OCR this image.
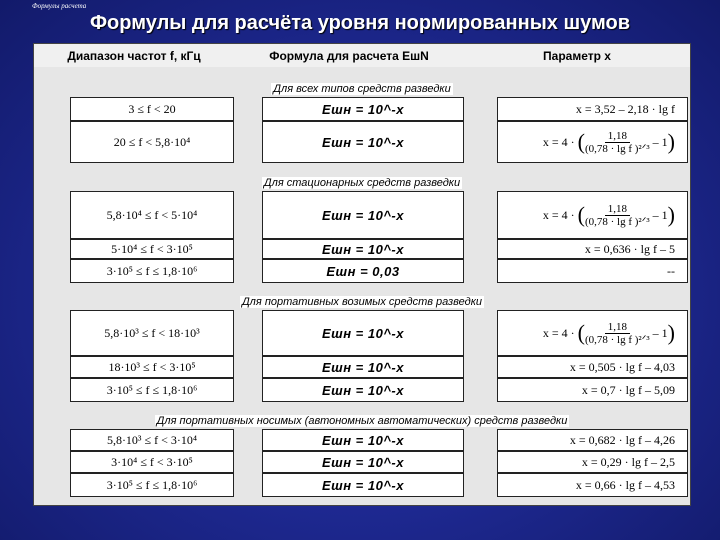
Формулы расчета
Формулы для расчёта уровня нормированных шумов
Диапазон частот f, кГц	Формула для расчета ЕшN	Параметр x
Для всех типов средств разведки
3 ≤ f < 20	Eшн = 10^-x	x = 3,52 – 2,18 · lg f
20 ≤ f < 5,8·10⁴	Eшн = 10^-x	x = 4 · ( $\frac{1,18}{\text{(0,78 · lg f )²ᐟ³}} - 1$ )
Для стационарных средств разведки
5,8·10⁴ ≤ f < 5·10⁴	Eшн = 10^-x	x = 4 · ( $\frac{1,18}{\text{(0,78 · lg f )²ᐟ³}} - 1$ )
5·10⁴ ≤ f < 3·10⁵	Eшн = 10^-x	x = 0,636 · lg f – 5
3·10⁵ ≤ f ≤ 1,8·10⁶	Eшн = 0,03	--
Для портативных возимых средств разведки
5,8·10³ ≤ f < 18·10³	Eшн = 10^-x	x = 4 · ( $\frac{1,18}{\text{(0,78 · lg f )²ᐟ³}} - 1$ )
18·10³ ≤ f < 3·10⁵	Eшн = 10^-x	x = 0,505 · lg f – 4,03
3·10⁵ ≤ f ≤ 1,8·10⁶	Eшн = 10^-x	x = 0,7 · lg f – 5,09
Для портативных носимых (автономных автоматических) средств разведки
5,8·10³ ≤ f < 3·10⁴	Eшн = 10^-x	x = 0,682 · lg f – 4,26
3·10⁴ ≤ f < 3·10⁵	Eшн = 10^-x	x = 0,29 · lg f – 2,5
3·10⁵ ≤ f ≤ 1,8·10⁶	Eшн = 10^-x	x = 0,66 · lg f – 4,53
